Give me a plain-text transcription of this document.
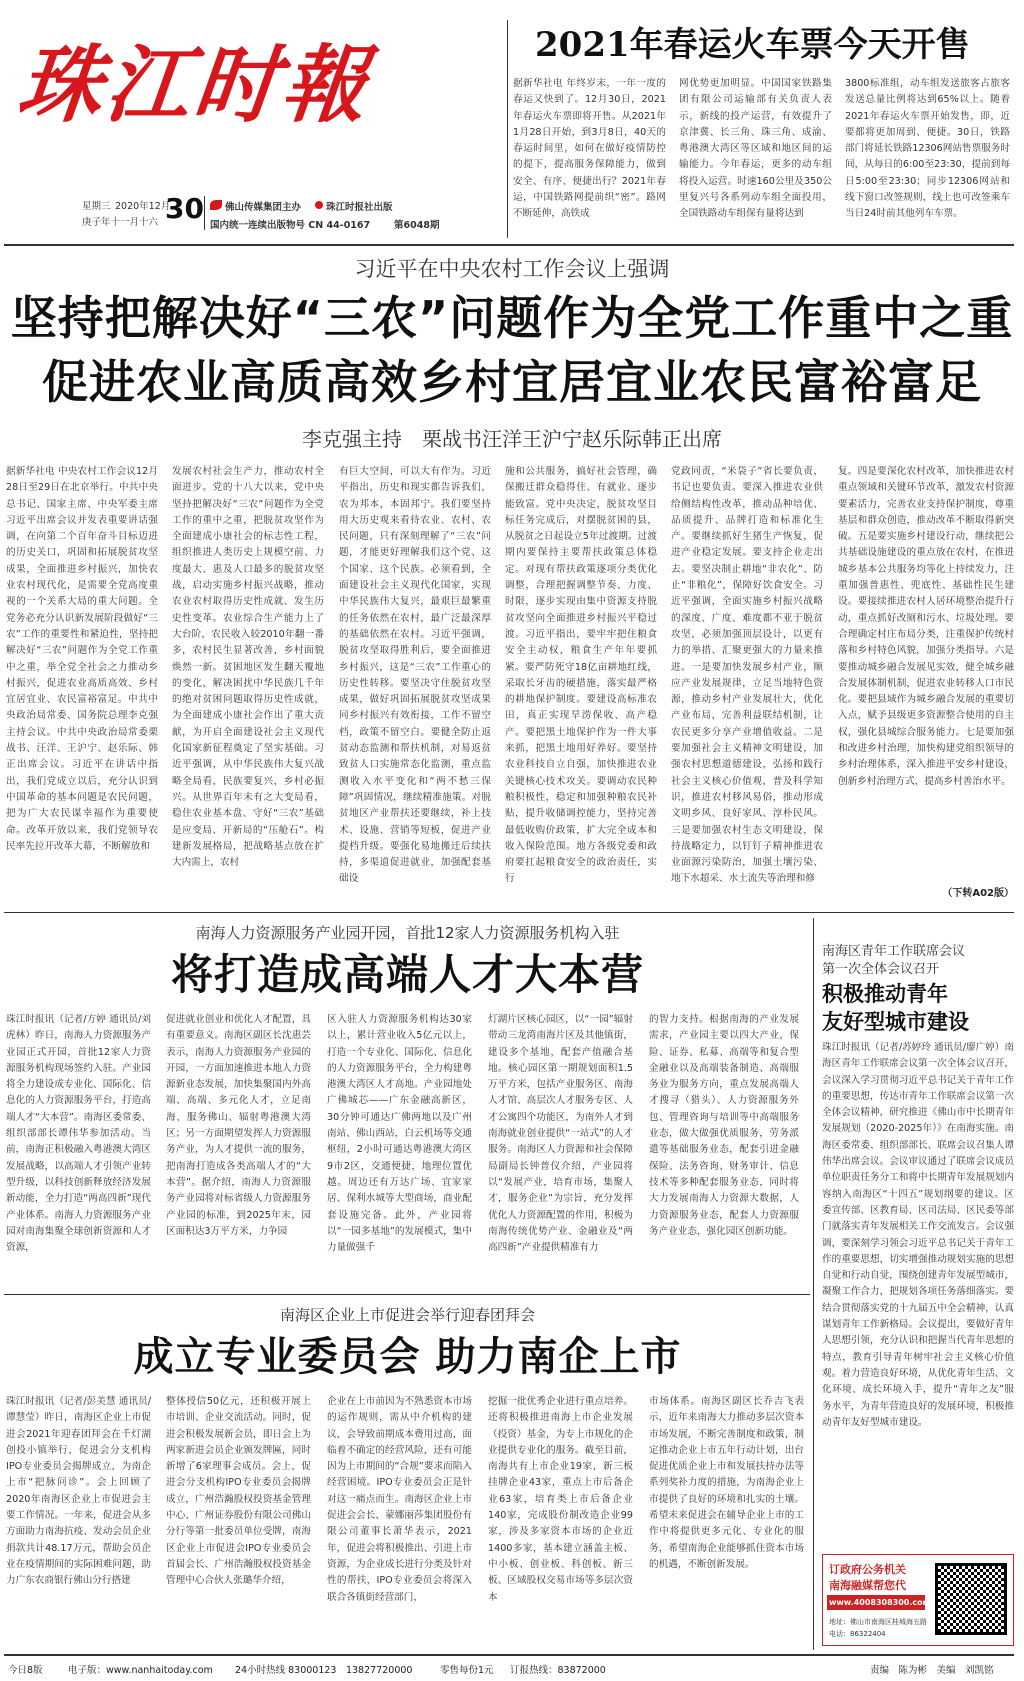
珠江时報
星期三 2020年12月
庚子年十一月十六 30 佛山传媒集团主办	珠江时报社出版
国内统一连续出版物号 CN 44-0167	第6048期
2021年春运火车票今天开售
据新华社电 年终岁末，一年一度的春运又快到了。12月30日，2021年春运火车票即将开售。从2021年1月28日开始，到3月8日，40天的春运时间里，如何在做好疫情防控的提下，提高服务保障能力，做到安全、有序、便捷出行？2021年春运，中国铁路网提前织“密”。路网不断延伸，高铁成
网优势更加明显。中国国家铁路集团有限公司运输部有关负责人表示，新线的投产运营，有效提升了京津冀、长三角、珠三角、成渝、粤港澳大湾区等区域和地区间的运输能力。今年春运，更多的动车组将投入运营。时速160公里及350公里复兴号各系列动车组全面投用，全国铁路动车组保有量将达到
3800标准组，动车组发送旅客占旅客发送总量比例将达到65%以上。随着2021年春运火车票开始发售，即，近要都将更加周到、便捷。30日，铁路部门将延长铁路12306网站售票服务时间，从每日的6:00至23:30，提前到每日5:00至23:30；同步12306网站和线下窗口改签规则，线上也可改签乘车当日24时前其他列车车票。
习近平在中央农村工作会议上强调
坚持把解决好“三农”问题作为全党工作重中之重
促进农业高质高效乡村宜居宜业农民富裕富足
李克强主持　栗战书汪洋王沪宁赵乐际韩正出席
据新华社电 中央农村工作会议12月28日至29日在北京举行。中共中央总书记、国家主席、中央军委主席习近平出席会议并发表重要讲话强调，在向第二个百年奋斗目标迈进的历史关口，巩固和拓展脱贫攻坚成果，全面推进乡村振兴，加快农业农村现代化，是需要全党高度重视的一个关系大局的重大问题。全党务必充分认识新发展阶段做好“三农”工作的重要性和紧迫性，坚持把解决好“三农”问题作为全党工作重中之重，举全党全社会之力推动乡村振兴，促进农业高质高效、乡村宜居宜业、农民富裕富足。中共中央政治局常委、国务院总理李克强主持会议。中共中央政治局常委栗战书、汪洋、王沪宁、赵乐际、韩正出席会议。习近平在讲话中指出，我们党成立以后，充分认识到中国革命的基本问题是农民问题，把为广大农民谋幸福作为重要使命。改革开放以来，我们党领导农民率先拉开改革大幕，不断解放和
发展农村社会生产力，推动农村全面进步。党的十八大以来，党中央坚持把解决好“三农”问题作为全党工作的重中之重，把脱贫攻坚作为全面建成小康社会的标志性工程，组织推进人类历史上规模空前、力度最大、惠及人口最多的脱贫攻坚战，启动实施乡村振兴战略，推动农业农村取得历史性成就、发生历史性变革。农业综合生产能力上了大台阶，农民收入较2010年翻一番多，农村民生显著改善，乡村面貌焕然一新。贫困地区发生翻天覆地的变化，解决困扰中华民族几千年的绝对贫困问题取得历史性成就，为全面建成小康社会作出了重大贡献，为开启全面建设社会主义现代化国家新征程奠定了坚实基础。习近平强调，从中华民族伟大复兴战略全局看，民族要复兴，乡村必振兴。从世界百年未有之大变局看，稳住农业基本盘、守好“三农”基础是应变局、开新局的“压舱石”。构建新发展格局，把战略基点放在扩大内需上，农村
有巨大空间，可以大有作为。习近平指出，历史和现实都告诉我们，农为邦本，本固邦宁。我们要坚持用大历史观来看待农业、农村、农民问题，只有深刻理解了“三农”问题，才能更好理解我们这个党、这个国家、这个民族。必须看到，全面建设社会主义现代化国家，实现中华民族伟大复兴，最艰巨最繁重的任务依然在农村，最广泛最深厚的基础依然在农村。习近平强调，脱贫攻坚取得胜利后，要全面推进乡村振兴，这是“三农”工作重心的历史性转移。要坚决守住脱贫攻坚成果，做好巩固拓展脱贫攻坚成果同乡村振兴有效衔接，工作不留空档，政策不留空白。要健全防止返贫动态监测和帮扶机制，对易返贫致贫人口实施常态化监测，重点监测收入水平变化和“两不愁三保障”巩固情况，继续精准施策。对脱贫地区产业帮扶还要继续，补上技术、设施、营销等短板，促进产业提档升级。要强化易地搬迁后续扶持，多渠道促进就业，加强配套基础设
施和公共服务，搞好社会管理，确保搬迁群众稳得住、有就业、逐步能致富。党中央决定，脱贫攻坚目标任务完成后，对摆脱贫困的县，从脱贫之日起设立5年过渡期。过渡期内要保持主要帮扶政策总体稳定。对现有帮扶政策逐项分类优化调整，合理把握调整节奏、力度、时限，逐步实现由集中资源支持脱贫攻坚向全面推进乡村振兴平稳过渡。习近平指出，要牢牢把住粮食安全主动权，粮食生产年年要抓紧。要严防死守18亿亩耕地红线，采取长牙齿的硬措施，落实最严格的耕地保护制度。要建设高标准农田，真正实现旱涝保收、高产稳产。要把黑土地保护作为一件大事来抓，把黑土地用好养好。要坚持农业科技自立自强，加快推进农业关键核心技术攻关。要调动农民种粮积极性，稳定和加强种粮农民补贴，提升收储调控能力，坚持完善最低收购价政策，扩大完全成本和收入保险范围。地方各级党委和政府要扛起粮食安全的政治责任，实行
党政同责，“米袋子”省长要负责，书记也要负责。要深入推进农业供给侧结构性改革，推动品种培优、品质提升、品牌打造和标准化生产。要继续抓好生猪生产恢复，促进产业稳定发展。要支持企业走出去。要坚决制止耕地“非农化”、防止“非粮化”，保障好饮食安全。习近平强调，全面实施乡村振兴战略的深度、广度、难度都不亚于脱贫攻坚，必须加强顶层设计，以更有力的举措、汇聚更强大的力量来推进。一是要加快发展乡村产业，顺应产业发展规律，立足当地特色资源，推动乡村产业发展壮大，优化产业布局，完善利益联结机制，让农民更多分享产业增值收益。二是要加强社会主义精神文明建设，加强农村思想道德建设，弘扬和践行社会主义核心价值观，普及科学知识，推进农村移风易俗，推动形成文明乡风、良好家风、淳朴民风。三是要加强农村生态文明建设，保持战略定力，以钉钉子精神推进农业面源污染防治，加强土壤污染、地下水超采、水土流失等治理和修
复。四是要深化农村改革，加快推进农村重点领域和关键环节改革，激发农村资源要素活力，完善农业支持保护制度，尊重基层和群众创造，推动改革不断取得新突破。五是要实施乡村建设行动，继续把公共基础设施建设的重点放在农村，在推进城乡基本公共服务均等化上持续发力，注重加强普惠性、兜底性、基础性民生建设。要接续推进农村人居环境整治提升行动，重点抓好改厕和污水、垃圾处理。要合理确定村庄布局分类，注重保护传统村落和乡村特色风貌，加强分类指导。六是要推动城乡融合发展见实效，健全城乡融合发展体制机制，促进农业转移人口市民化。要把县域作为城乡融合发展的重要切入点，赋予县级更多资源整合使用的自主权，强化县城综合服务能力。七是要加强和改进乡村治理，加快构建党组织领导的乡村治理体系，深入推进平安乡村建设，创新乡村治理方式，提高乡村善治水平。
（下转A02版）
南海人力资源服务产业园开园，首批12家人力资源服务机构入驻
将打造成高端人才大本营
珠江时报讯（记者/方婷 通讯员/刘虎林）昨日，南海人力资源服务产业园正式开园，首批12家人力资源服务机构现场签约入驻。产业园将全力建设成专业化、国际化、信息化的人力资源服务平台，打造高端人才“大本营”。南海区委常委、组织部部长谭伟华参加活动。当前，南海正积极融入粤港澳大湾区发展战略，以高端人才引领产业转型升级，以科技创新释放经济发展新动能，全力打造“两高四新”现代产业体系。南海人力资源服务产业园对南海集聚全球创新资源和人才资源，
促进就业创业和优化人才配置，具有重要意义。南海区副区长沈惠芸表示，南海人力资源服务产业园的开园，一方面加速推进本地人力资源新业态发展，加快集聚国内外高端、高端、多元化人才，立足南海、服务佛山、辐射粤港澳大湾区；另一方面期望发挥人力资源服务产业，为人才提供一流的服务，把南海打造成各类高端人才的“大本营”。据介绍，南海人力资源服务产业园将对标省级人力资源服务产业园的标准，到2025年末，园区面积达3万平方米，力争园
区入驻人力资源服务机构达30家以上，累计营业收入5亿元以上，打造一个专业化、国际化、信息化的人力资源服务平台，全力构建粤港澳大湾区人才高地。产业园地处广佛城芯——广东金融高新区，30分钟可通达广佛两地以及广州南站、佛山西站，白云机场等交通枢纽，2小时可通达粤港澳大湾区9市2区，交通便捷，地理位置优越。周边还有万达广场、宜家家居、保利水城等大型商场，商业配套设施完备。此外，产业园将以“一园多基地”的发展模式，集中力量做强千
灯湖片区核心园区，以“一园”辐射带动三龙湾南海片区及其他镇街，建设多个基地，配套产值融合基地。核心园区第一期规划面积1.5万平方米，包括产业服务区、南海人才馆、高层次人才服务专区、人才公寓四个功能区，为南外人才到南海就业创业提供“一站式”的人才服务。南海区人力资源和社会保障局副局长钟普仪介绍，产业园将以“发展产业，培育市场，集聚人才，服务企业”为宗旨，充分发挥优化人力资源配置的作用，积极为南海传统优势产业、金融业及“两高四新”产业提供精准有力
的智力支持。根据南海的产业发展需求，产业园主要以四大产业，保险、证券、私募、高端等和复合型金融业以及高端装备制造、高端服务业为服务方向，重点发展高端人才搜寻（猎头）、人力资源服务外包、管理咨询与培训等中高端服务业态，做大做强优质服务，劳务派遣等基础服务业态，配套引进金融保险、法务咨询、财务审计、信息技术等多种配套服务业态，同时将大力发展南海人力资源大数据，人力资源服务业态，配套人力资源服务产业业态，强化园区创新功能。
南海区青年工作联席会议
第一次全体会议召开
积极推动青年
友好型城市建设
珠江时报讯（记者/苏婷玲 通讯员/廖广婷）南海区青年工作联席会议第一次全体会议召开，会议深入学习贯彻习近平总书记关于青年工作的重要思想，传达市青年工作联席会议第一次全体会议精神，研究推进《佛山市中长期青年发展规划（2020-2025年）》在南海实施。南海区委常委、组织部部长、联席会议召集人谭伟华出席会议。会议审议通过了联席会议成员单位职责任务分工和将中长期青年发展规划内容纳入南海区“十四五”规划纲要的建议。区委宣传部、区教育局、区司法局、区民委等部门就落实青年发展相关工作交流发言。会议强调，要深刻学习领会习近平总书记关于青年工作的重要思想，切实增强推动规划实施的思想自觉和行动自觉，围绕创建青年发展型城市，凝聚工作合力，把规划各项任务落细落实。要结合贯彻落实党的十九届五中全会精神，认真谋划青年工作新格局。会议提出，要做好青年人思想引领，充分认识和把握当代青年思想的特点，教育引导青年树牢社会主义核心价值观。着力营造良好环境，从优化青年生活、文化环境、成长环境入手，提升“青年之友”服务水平，为青年营造良好的发展环境，积极推动青年友好型城市建设。
订政府公务机关
南海融媒帮您代
www.4008308300.com
地址：佛山市南海区桂城海五路
电话：86322404
南海区企业上市促进会举行迎春团拜会
成立专业委员会 助力南企上市
珠江时报讯（记者/彭美慧 通讯员/谭慧莹）昨日，南海区企业上市促进会2021年迎春团拜会在千灯湖创投小镇举行，促进会分支机构IPO专业委员会揭牌成立，为南企上市“把脉问诊”。会上回顾了2020年南海区企业上市促进会主要工作情况。一年来，促进会从多方面助力南海抗疫、发动会员企业捐款共计48.17万元，帮助会员企业在疫情期间的实际困难问题，助力广东农商银行佛山分行搭建
整体授信50亿元，还积极开展上市培训、企业交流活动。同时，促进会积极发展新会员，即日会上为两家新进会员企业颁发牌匾，同时新增了6家理事会成员。会上，促进会分支机构IPO专业委员会揭牌成立，广州浩瀚股权投资基金管理中心、广州证券股份有限公司佛山分行等第一批委员单位受牌，南海区企业上市促进会IPO专业委员会首届会长、广州浩瀚股权投资基金管理中心合伙人张璐华介绍，
企业在上市前因为不熟悉资本市场的运作规则，需从中介机构的建议，会导致前期成本费用过高，面临着不确定的经营风险，还有可能因为上市期间的“合规”要求而陷入经营困境。IPO专业委员会正是针对这一痛点而生。南海区企业上市促进会会长、蒙娜丽莎集团股份有限公司董事长萧华表示，2021年，促进会将积极推出、引进上市资源，为企业成长进行分类及针对性的帮扶，IPO专业委员会将深入联合各镇街经营部门，
挖掘一批优秀企业进行重点培养。还将积极推进南海上市企业发展（投资）基金，为专上市规化的企业提供专业化的服务。截至目前，南海共有上市企业19家，新三板挂牌企业43家，重点上市后备企业63家，培育类上市后备企业140家，完成股份制改造企业99家，涉及多家资本市场的企业近1400多家，基本建立涵盖主板、中小板、创业板、科创板、新三板、区域股权交易市场等多层次资本
市场体系。南海区副区长乔吉飞表示，近年来南海大力推动多层次资本市场发展，不断完善制度和政策，制定推动企业上市五年行动计划，出台促进优质企业上市和发展扶持办法等系列奖补力度的措施，为南海企业上市提供了良好的环境和扎实的土壤。希望未来促进会在辅导企业上市的工作中将提供更多元化、专业化的服务，希望南海企业能够抓住资本市场的机遇，不断创新发展。
今日8版	电子版：www.nanhaitoday.com 24小时热线 83000123　13827720000	零售每份1元 订报热线：83872000	责编　陈为彬　美编　刘凯铭
